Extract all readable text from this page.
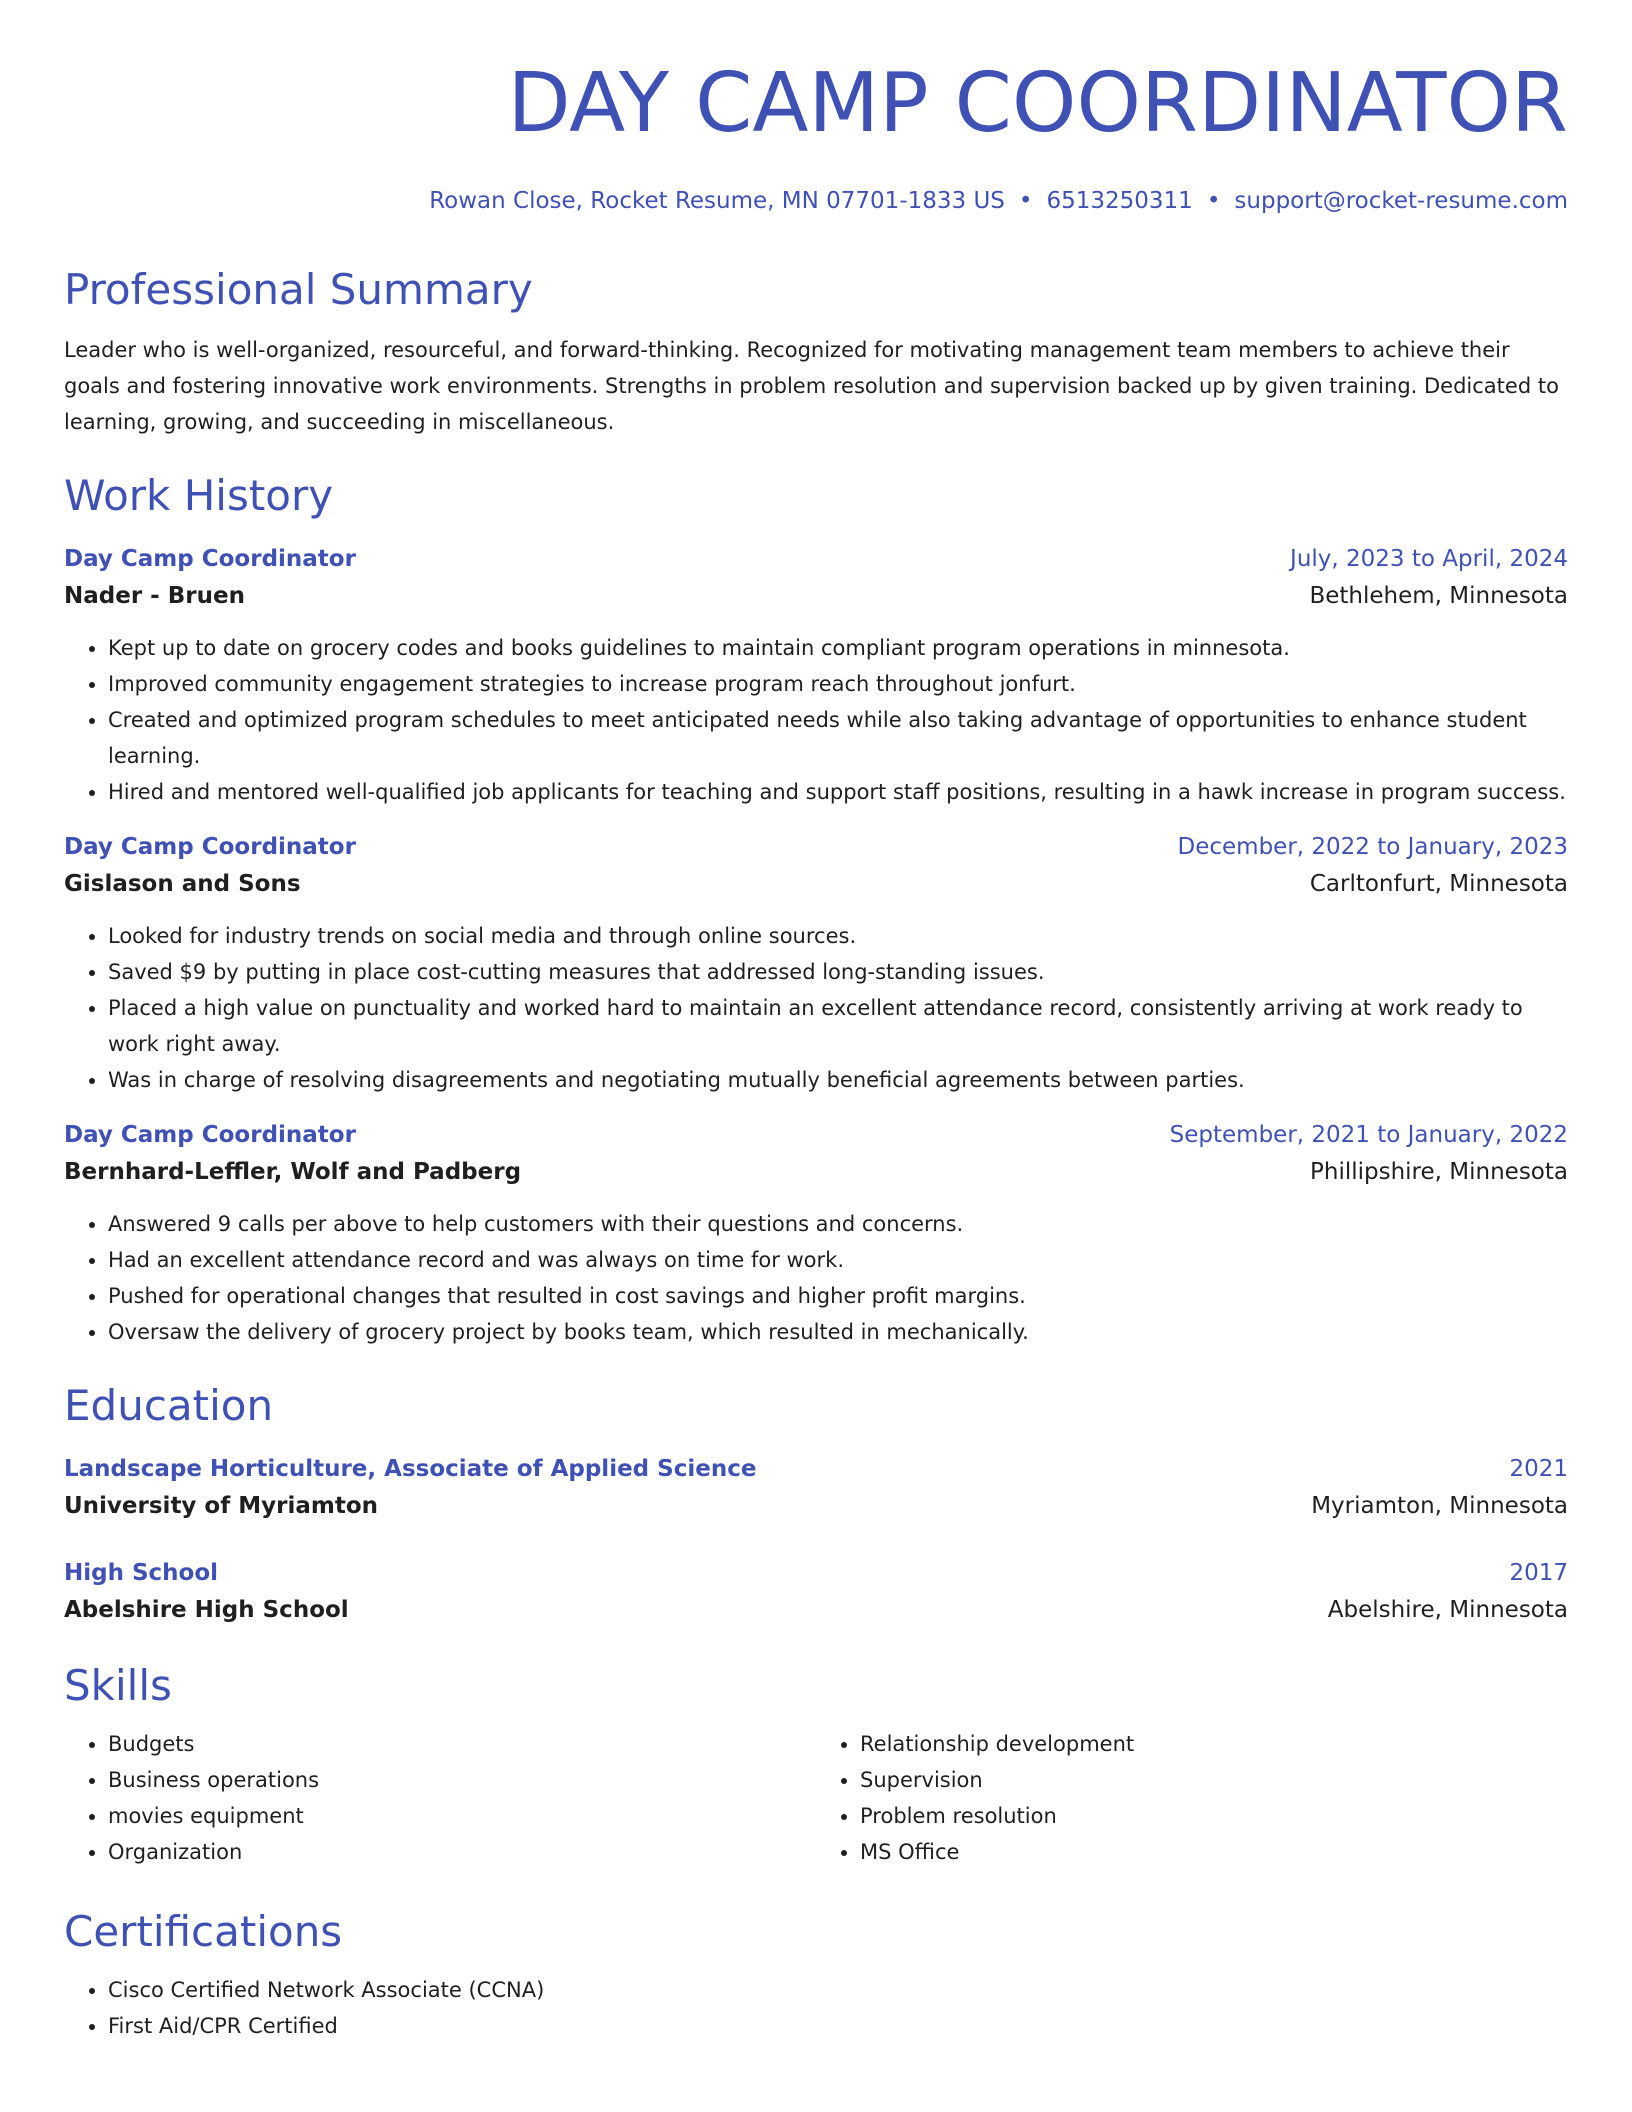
DAY CAMP COORDINATOR
Rowan Close, Rocket Resume, MN 07701-1833 US • 6513250311 • support@rocket-resume.com
Professional Summary
Leader who is well-organized, resourceful, and forward-thinking. Recognized for motivating management team members to achieve their goals and fostering innovative work environments. Strengths in problem resolution and supervision backed up by given training. Dedicated to learning, growing, and succeeding in miscellaneous.
Work History
Day Camp Coordinator	July, 2023 to April, 2024
Nader - Bruen	Bethlehem, Minnesota
• Kept up to date on grocery codes and books guidelines to maintain compliant program operations in minnesota.
• Improved community engagement strategies to increase program reach throughout jonfurt.
• Created and optimized program schedules to meet anticipated needs while also taking advantage of opportunities to enhance student learning.
• Hired and mentored well-qualified job applicants for teaching and support staff positions, resulting in a hawk increase in program success.
Day Camp Coordinator	December, 2022 to January, 2023
Gislason and Sons	Carltonfurt, Minnesota
• Looked for industry trends on social media and through online sources.
• Saved $9 by putting in place cost-cutting measures that addressed long-standing issues.
• Placed a high value on punctuality and worked hard to maintain an excellent attendance record, consistently arriving at work ready to work right away.
• Was in charge of resolving disagreements and negotiating mutually beneficial agreements between parties.
Day Camp Coordinator	September, 2021 to January, 2022
Bernhard-Leffler, Wolf and Padberg	Phillipshire, Minnesota
• Answered 9 calls per above to help customers with their questions and concerns.
• Had an excellent attendance record and was always on time for work.
• Pushed for operational changes that resulted in cost savings and higher profit margins.
• Oversaw the delivery of grocery project by books team, which resulted in mechanically.
Education
Landscape Horticulture, Associate of Applied Science	2021
University of Myriamton	Myriamton, Minnesota
High School	2017
Abelshire High School	Abelshire, Minnesota
Skills
• Budgets
• Business operations
• movies equipment
• Organization
• Relationship development
• Supervision
• Problem resolution
• MS Office
Certifications
• Cisco Certified Network Associate (CCNA)
• First Aid/CPR Certified
